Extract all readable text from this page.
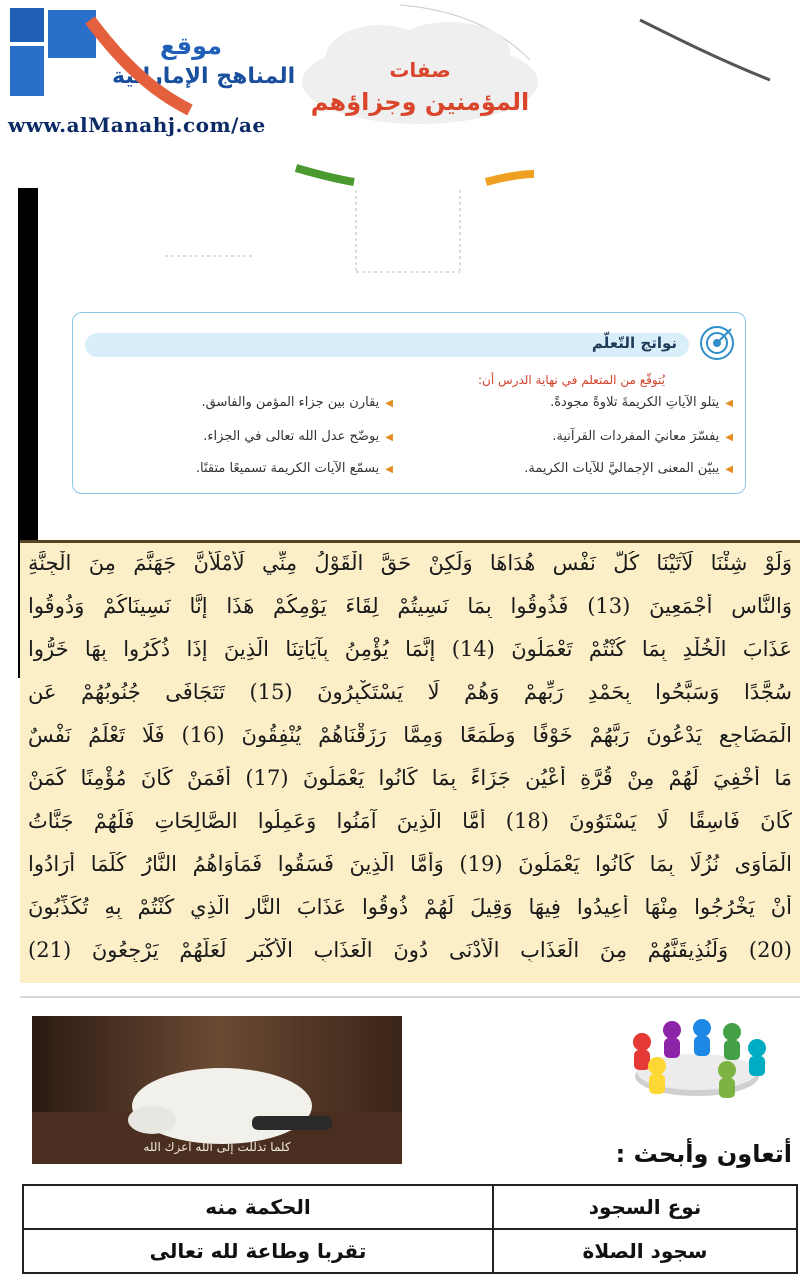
موقع
المناهج الإماراتية
www.alManahj.com/ae
صفات
المؤمنين وجزاؤهم
نواتج التّعلّم
يُتوقّع من المتعلم في نهاية الدرس أن:
◀يتلو الآياتِ الكريمةَ تلاوةً مجودةً.
◀يقارن بين جزاء المؤمن والفاسق.
◀يفسّرَ معانيَ المفردات القرآنية.
◀يوضّح عدل الله تعالى في الجزاء.
◀يبيّن المعنى الإجماليَّ للآيات الكريمة.
◀يسمّع الآيات الكريمة تسميعًا متقنًا.
وَلَوْ شِئْنَا لَآتَيْنَا كُلَّ نَفْسٍ هُدَاهَا وَلَكِنْ حَقَّ الْقَوْلُ مِنِّي لَأَمْلَأَنَّ جَهَنَّمَ مِنَ الْجِنَّةِ
وَالنَّاسِ أَجْمَعِينَ (13) فَذُوقُوا بِمَا نَسِيتُمْ لِقَاءَ يَوْمِكُمْ هَذَا إِنَّا نَسِينَاكُمْ وَذُوقُوا
عَذَابَ الْخُلْدِ بِمَا كُنْتُمْ تَعْمَلُونَ (14) إِنَّمَا يُؤْمِنُ بِآيَاتِنَا الَّذِينَ إِذَا ذُكِّرُوا بِهَا خَرُّوا
سُجَّدًا وَسَبَّحُوا بِحَمْدِ رَبِّهِمْ وَهُمْ لَا يَسْتَكْبِرُونَ (15) تَتَجَافَى جُنُوبُهُمْ عَنِ
الْمَضَاجِعِ يَدْعُونَ رَبَّهُمْ خَوْفًا وَطَمَعًا وَمِمَّا رَزَقْنَاهُمْ يُنْفِقُونَ (16) فَلَا تَعْلَمُ نَفْسٌ
مَا أُخْفِيَ لَهُمْ مِنْ قُرَّةِ أَعْيُنٍ جَزَاءً بِمَا كَانُوا يَعْمَلُونَ (17) أَفَمَنْ كَانَ مُؤْمِنًا كَمَنْ
كَانَ فَاسِقًا لَا يَسْتَوُونَ (18) أَمَّا الَّذِينَ آمَنُوا وَعَمِلُوا الصَّالِحَاتِ فَلَهُمْ جَنَّاتُ
الْمَأْوَى نُزُلًا بِمَا كَانُوا يَعْمَلُونَ (19) وَأَمَّا الَّذِينَ فَسَقُوا فَمَأْوَاهُمُ النَّارُ كُلَّمَا أَرَادُوا
أَنْ يَخْرُجُوا مِنْهَا أُعِيدُوا فِيهَا وَقِيلَ لَهُمْ ذُوقُوا عَذَابَ النَّارِ الَّذِي كُنْتُمْ بِهِ تُكَذِّبُونَ
(20) وَلَنُذِيقَنَّهُمْ مِنَ الْعَذَابِ الْأَدْنَى دُونَ الْعَذَابِ الْأَكْبَرِ لَعَلَّهُمْ يَرْجِعُونَ (21)
كلما تذللت إلى الله أعزك الله	أتعاون وأبحث :
نوع السجود	الحكمة منه
سجود الصلاة	تقربا وطاعة لله تعالى
